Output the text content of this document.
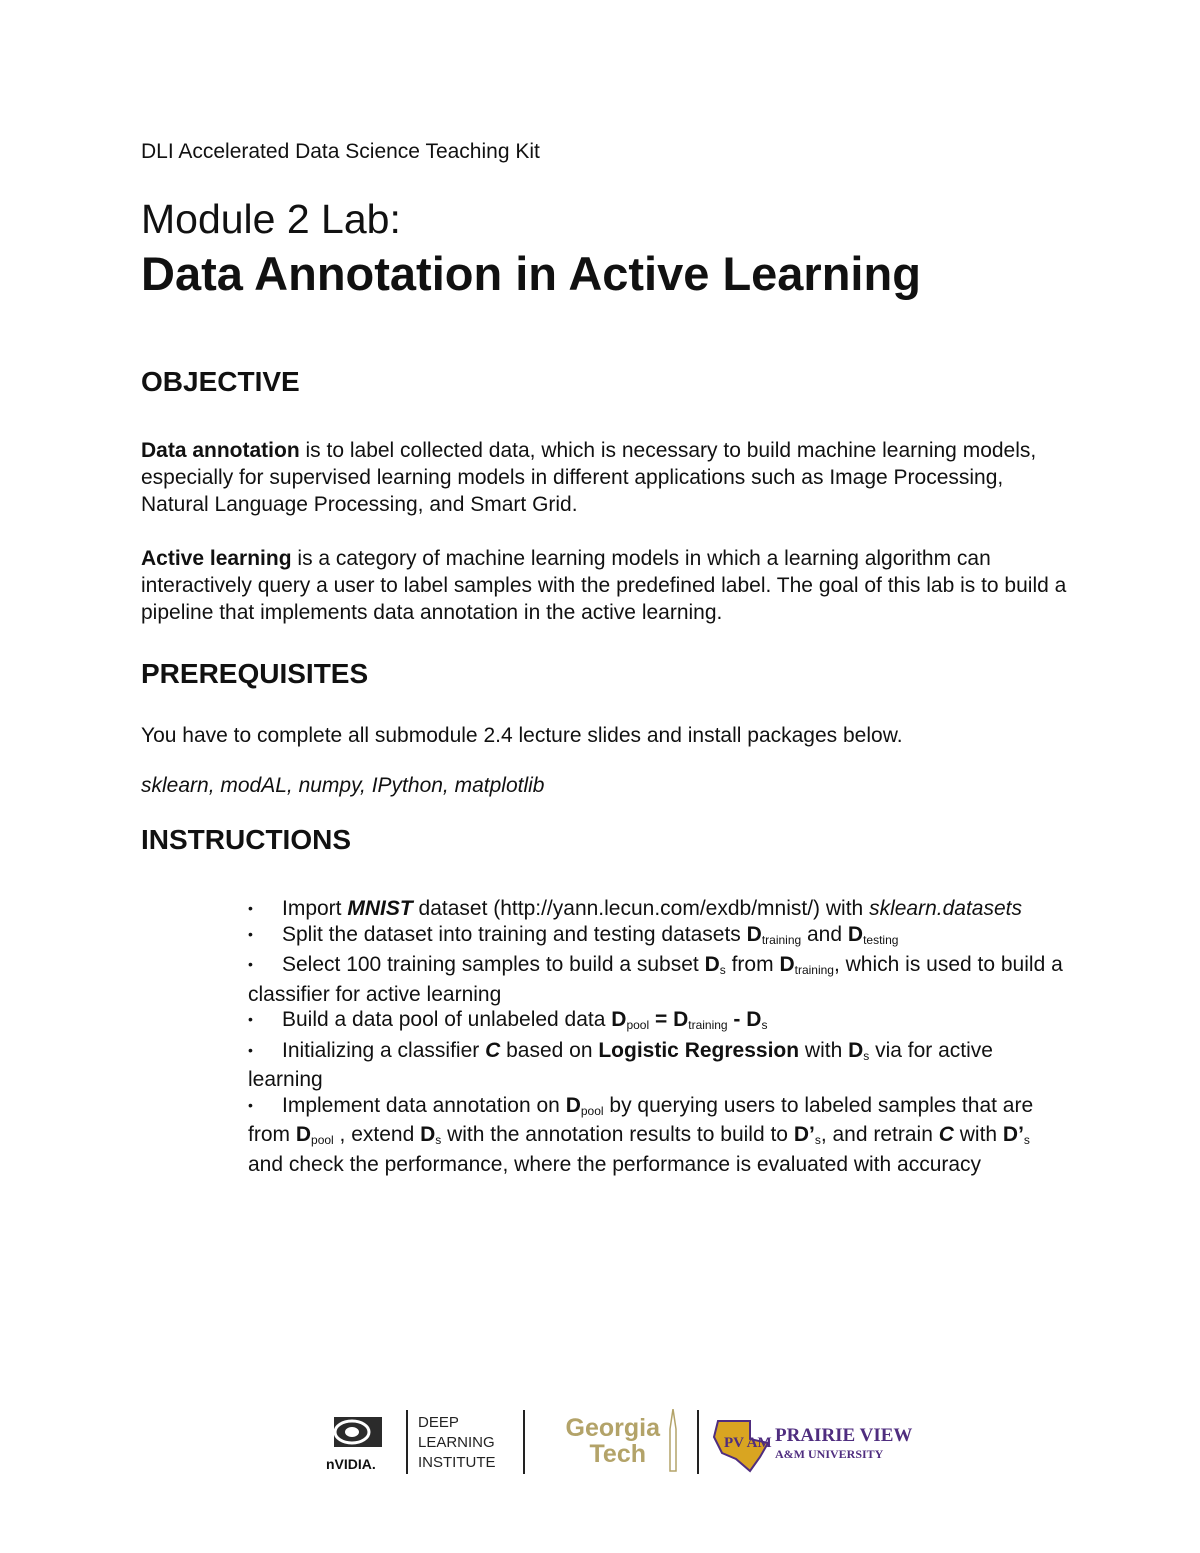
DLI Accelerated Data Science Teaching Kit
Module 2 Lab:
Data Annotation in Active Learning
OBJECTIVE
Data annotation is to label collected data, which is necessary to build machine learning models, especially for supervised learning models in different applications such as Image Processing, Natural Language Processing, and Smart Grid.
Active learning is a category of machine learning models in which a learning algorithm can interactively query a user to label samples with the predefined label. The goal of this lab is to build a pipeline that implements data annotation in the active learning.
PREREQUISITES
You have to complete all submodule 2.4 lecture slides and install packages below.
sklearn, modAL, numpy, IPython, matplotlib
INSTRUCTIONS
• Import MNIST dataset (http://yann.lecun.com/exdb/mnist/) with sklearn.datasets
• Split the dataset into training and testing datasets $D_{training}$ and $D_{testing}$
• Select 100 training samples to build a subset $D_s$ from $D_{training}$, which is used to build a classifier for active learning
• Build a data pool of unlabeled data $D_{pool} = D_{training} - D_s$
• Initializing a classifier C based on Logistic Regression with $D_s$ via for active learning
• Implement data annotation on $D_{pool}$ by querying users to labeled samples that are from $D_{pool}$ , extend $D_s$ with the annotation results to build to $D’_s$, and retrain C with $D’_s$ and check the performance, where the performance is evaluated with accuracy
nVIDIA.
DEEP
LEARNING
INSTITUTE
Georgia
Tech	PV AM PRAIRIE VIEW
A&M UNIVERSITY
